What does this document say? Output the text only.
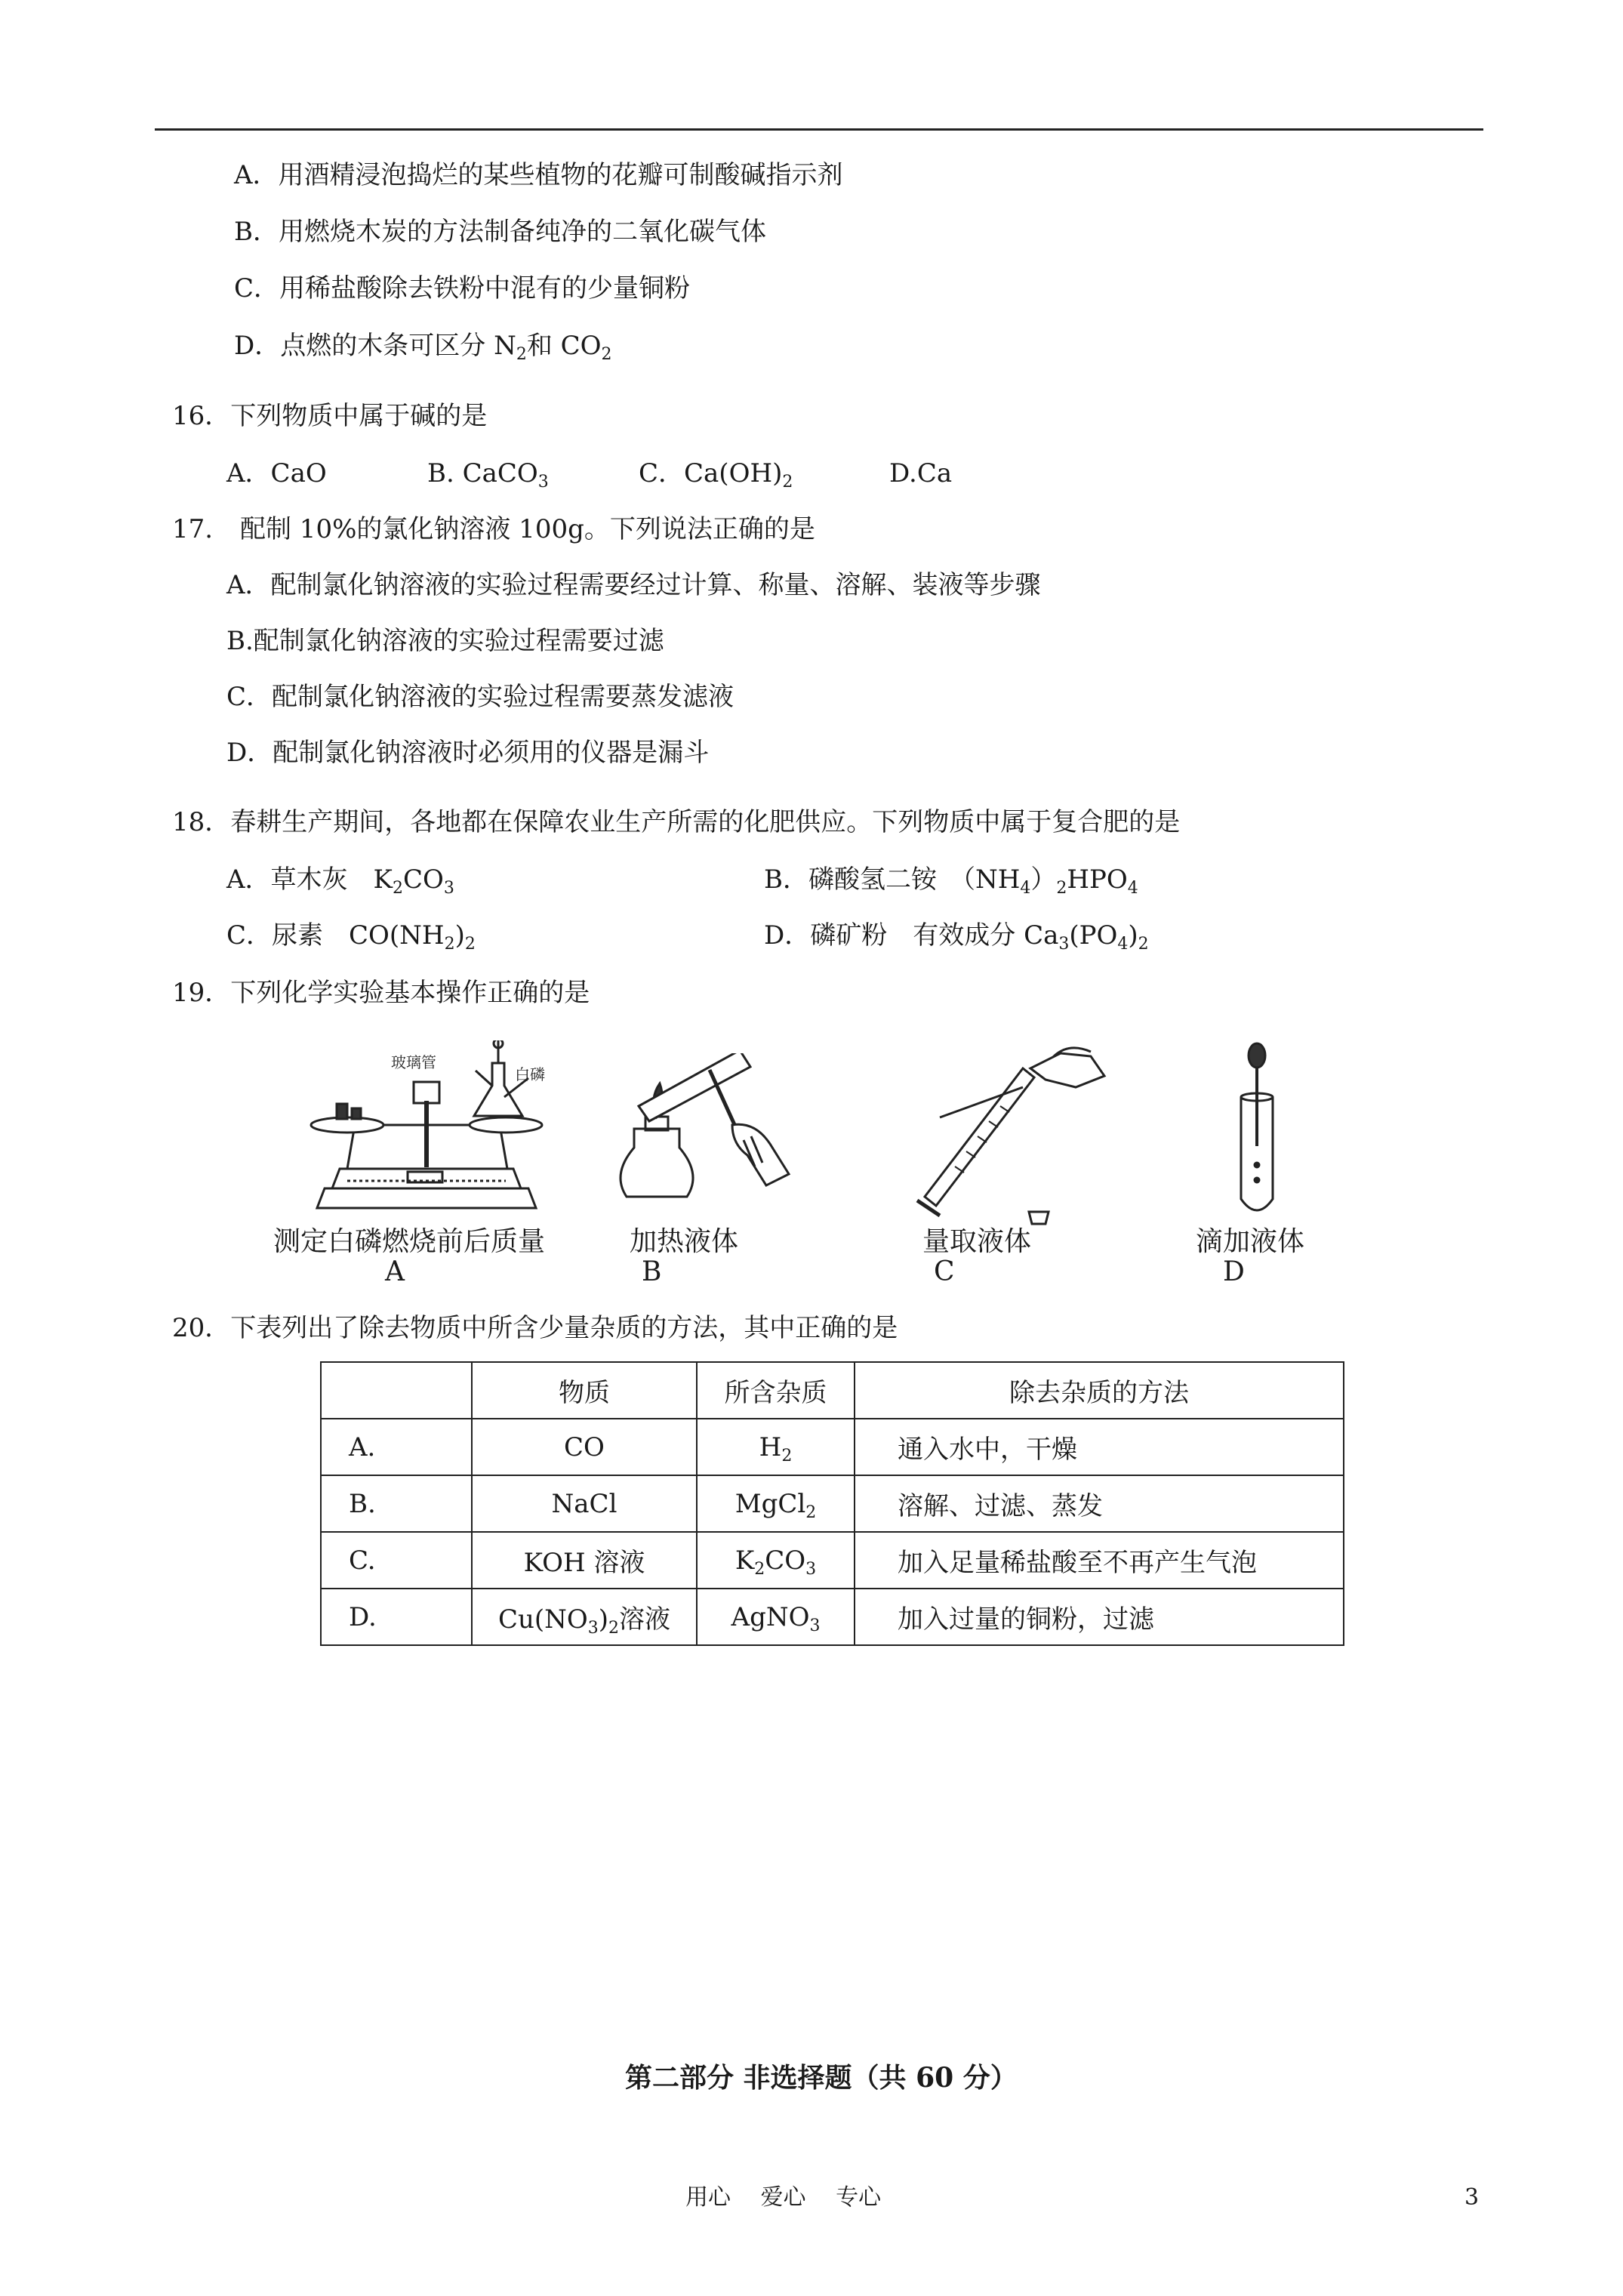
A．用酒精浸泡捣烂的某些植物的花瓣可制酸碱指示剂
B．用燃烧木炭的方法制备纯净的二氧化碳气体
C．用稀盐酸除去铁粉中混有的少量铜粉
D．点燃的木条可区分 $N_2$和 $CO_2$
16．下列物质中属于碱的是
A．CaO	B. CaCO$_3$	C．$Ca(OH)_2$	D.Ca
17. 配制 10%的氯化钠溶液 100g。下列说法正确的是
A．配制氯化钠溶液的实验过程需要经过计算、称量、溶解、装液等步骤
B.配制氯化钠溶液的实验过程需要过滤
C．配制氯化钠溶液的实验过程需要蒸发滤液
D．配制氯化钠溶液时必须用的仪器是漏斗
18．春耕生产期间，各地都在保障农业生产所需的化肥供应。下列物质中属于复合肥的是
A．草木灰　$K_2CO_3$	B．磷酸氢二铵　$(NH_4)_2HPO_4$
C．尿素　$CO(NH_2)_2$	D．磷矿粉　有效成分 $Ca_3(PO_4)_2$
19．下列化学实验基本操作正确的是
玻璃管
白磷
测定白磷燃烧前后质量
A
加热液体
B
量取液体
C
滴加液体
D
20．下表列出了除去物质中所含少量杂质的方法，其中正确的是
	物质	所含杂质	除去杂质的方法
A.	CO	$H_2$	通入水中，干燥
B.	NaCl	MgCl$_2$	溶解、过滤、蒸发
C.	KOH 溶液	$K_2CO_3$	加入足量稀盐酸至不再产生气泡
D.	$Cu(NO_3)_2$溶液	AgNO$_3$	加入过量的铜粉，过滤
第二部分 非选择题（共 60 分）
用心　 爱心　 专心	3
